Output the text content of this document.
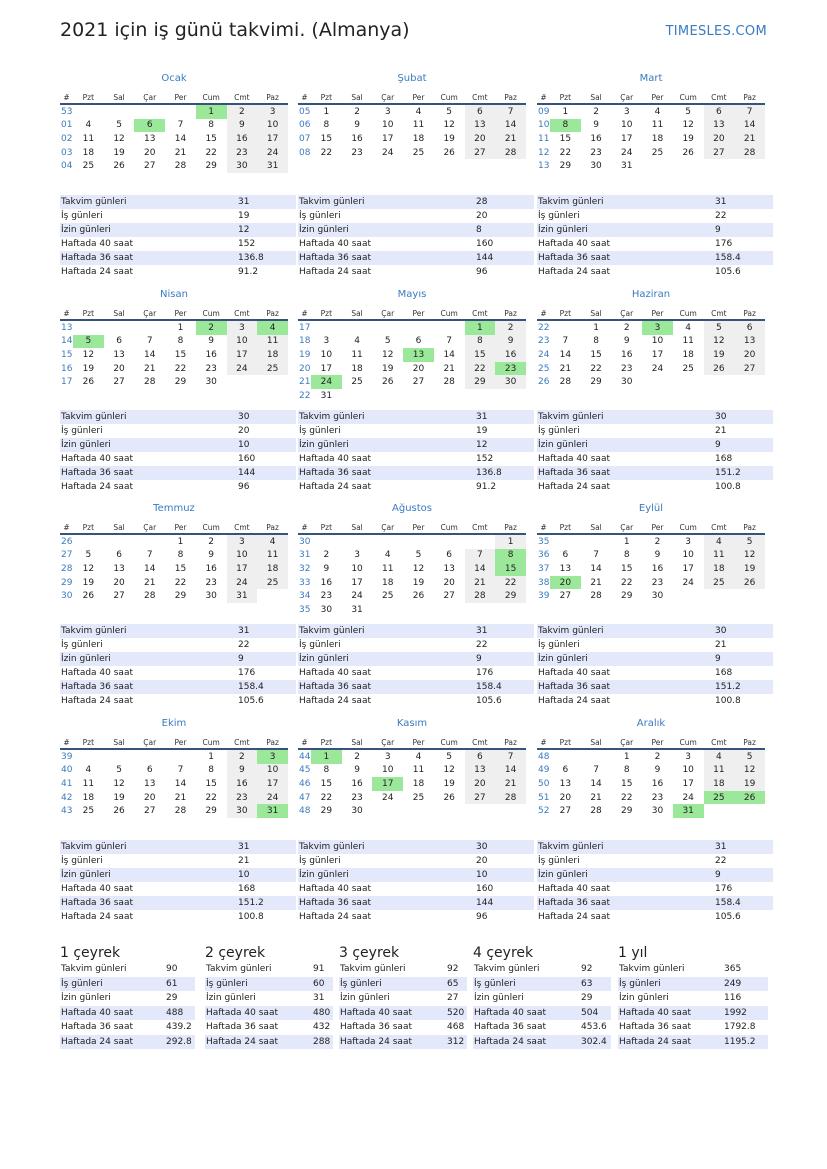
2021 için iş günü takvimi. (Almanya)	TIMESLES.COM
Ocak
#	Pzt	Sal	Çar	Per	Cum	Cmt	Paz
53					1	2	3
01	4	5	6	7	8	9	10
02	11	12	13	14	15	16	17
03	18	19	20	21	22	23	24
04	25	26	27	28	29	30	31
Takvim günleri	31
İş günleri	19
İzin günleri	12
Haftada 40 saat	152
Haftada 36 saat	136.8
Haftada 24 saat	91.2
Şubat
#	Pzt	Sal	Çar	Per	Cum	Cmt	Paz
05	1	2	3	4	5	6	7
06	8	9	10	11	12	13	14
07	15	16	17	18	19	20	21
08	22	23	24	25	26	27	28
Takvim günleri	28
İş günleri	20
İzin günleri	8
Haftada 40 saat	160
Haftada 36 saat	144
Haftada 24 saat	96
Mart
#	Pzt	Sal	Çar	Per	Cum	Cmt	Paz
09	1	2	3	4	5	6	7
10	8	9	10	11	12	13	14
11	15	16	17	18	19	20	21
12	22	23	24	25	26	27	28
13	29	30	31				
Takvim günleri	31
İş günleri	22
İzin günleri	9
Haftada 40 saat	176
Haftada 36 saat	158.4
Haftada 24 saat	105.6
Nisan
#	Pzt	Sal	Çar	Per	Cum	Cmt	Paz
13				1	2	3	4
14	5	6	7	8	9	10	11
15	12	13	14	15	16	17	18
16	19	20	21	22	23	24	25
17	26	27	28	29	30		
Takvim günleri	30
İş günleri	20
İzin günleri	10
Haftada 40 saat	160
Haftada 36 saat	144
Haftada 24 saat	96
Mayıs
#	Pzt	Sal	Çar	Per	Cum	Cmt	Paz
17						1	2
18	3	4	5	6	7	8	9
19	10	11	12	13	14	15	16
20	17	18	19	20	21	22	23
21	24	25	26	27	28	29	30
22	31						
Takvim günleri	31
İş günleri	19
İzin günleri	12
Haftada 40 saat	152
Haftada 36 saat	136.8
Haftada 24 saat	91.2
Haziran
#	Pzt	Sal	Çar	Per	Cum	Cmt	Paz
22		1	2	3	4	5	6
23	7	8	9	10	11	12	13
24	14	15	16	17	18	19	20
25	21	22	23	24	25	26	27
26	28	29	30				
Takvim günleri	30
İş günleri	21
İzin günleri	9
Haftada 40 saat	168
Haftada 36 saat	151.2
Haftada 24 saat	100.8
Temmuz
#	Pzt	Sal	Çar	Per	Cum	Cmt	Paz
26				1	2	3	4
27	5	6	7	8	9	10	11
28	12	13	14	15	16	17	18
29	19	20	21	22	23	24	25
30	26	27	28	29	30	31	
Takvim günleri	31
İş günleri	22
İzin günleri	9
Haftada 40 saat	176
Haftada 36 saat	158.4
Haftada 24 saat	105.6
Ağustos
#	Pzt	Sal	Çar	Per	Cum	Cmt	Paz
30							1
31	2	3	4	5	6	7	8
32	9	10	11	12	13	14	15
33	16	17	18	19	20	21	22
34	23	24	25	26	27	28	29
35	30	31					
Takvim günleri	31
İş günleri	22
İzin günleri	9
Haftada 40 saat	176
Haftada 36 saat	158.4
Haftada 24 saat	105.6
Eylül
#	Pzt	Sal	Çar	Per	Cum	Cmt	Paz
35			1	2	3	4	5
36	6	7	8	9	10	11	12
37	13	14	15	16	17	18	19
38	20	21	22	23	24	25	26
39	27	28	29	30			
Takvim günleri	30
İş günleri	21
İzin günleri	9
Haftada 40 saat	168
Haftada 36 saat	151.2
Haftada 24 saat	100.8
Ekim
#	Pzt	Sal	Çar	Per	Cum	Cmt	Paz
39					1	2	3
40	4	5	6	7	8	9	10
41	11	12	13	14	15	16	17
42	18	19	20	21	22	23	24
43	25	26	27	28	29	30	31
Takvim günleri	31
İş günleri	21
İzin günleri	10
Haftada 40 saat	168
Haftada 36 saat	151.2
Haftada 24 saat	100.8
Kasım
#	Pzt	Sal	Çar	Per	Cum	Cmt	Paz
44	1	2	3	4	5	6	7
45	8	9	10	11	12	13	14
46	15	16	17	18	19	20	21
47	22	23	24	25	26	27	28
48	29	30					
Takvim günleri	30
İş günleri	20
İzin günleri	10
Haftada 40 saat	160
Haftada 36 saat	144
Haftada 24 saat	96
Aralık
#	Pzt	Sal	Çar	Per	Cum	Cmt	Paz
48			1	2	3	4	5
49	6	7	8	9	10	11	12
50	13	14	15	16	17	18	19
51	20	21	22	23	24	25	26
52	27	28	29	30	31		
Takvim günleri	31
İş günleri	22
İzin günleri	9
Haftada 40 saat	176
Haftada 36 saat	158.4
Haftada 24 saat	105.6
1 çeyrek
Takvim günleri	90
İş günleri	61
İzin günleri	29
Haftada 40 saat	488
Haftada 36 saat	439.2
Haftada 24 saat	292.8
2 çeyrek
Takvim günleri	91
İş günleri	60
İzin günleri	31
Haftada 40 saat	480
Haftada 36 saat	432
Haftada 24 saat	288
3 çeyrek
Takvim günleri	92
İş günleri	65
İzin günleri	27
Haftada 40 saat	520
Haftada 36 saat	468
Haftada 24 saat	312
4 çeyrek
Takvim günleri	92
İş günleri	63
İzin günleri	29
Haftada 40 saat	504
Haftada 36 saat	453.6
Haftada 24 saat	302.4
1 yıl
Takvim günleri	365
İş günleri	249
İzin günleri	116
Haftada 40 saat	1992
Haftada 36 saat	1792.8
Haftada 24 saat	1195.2
